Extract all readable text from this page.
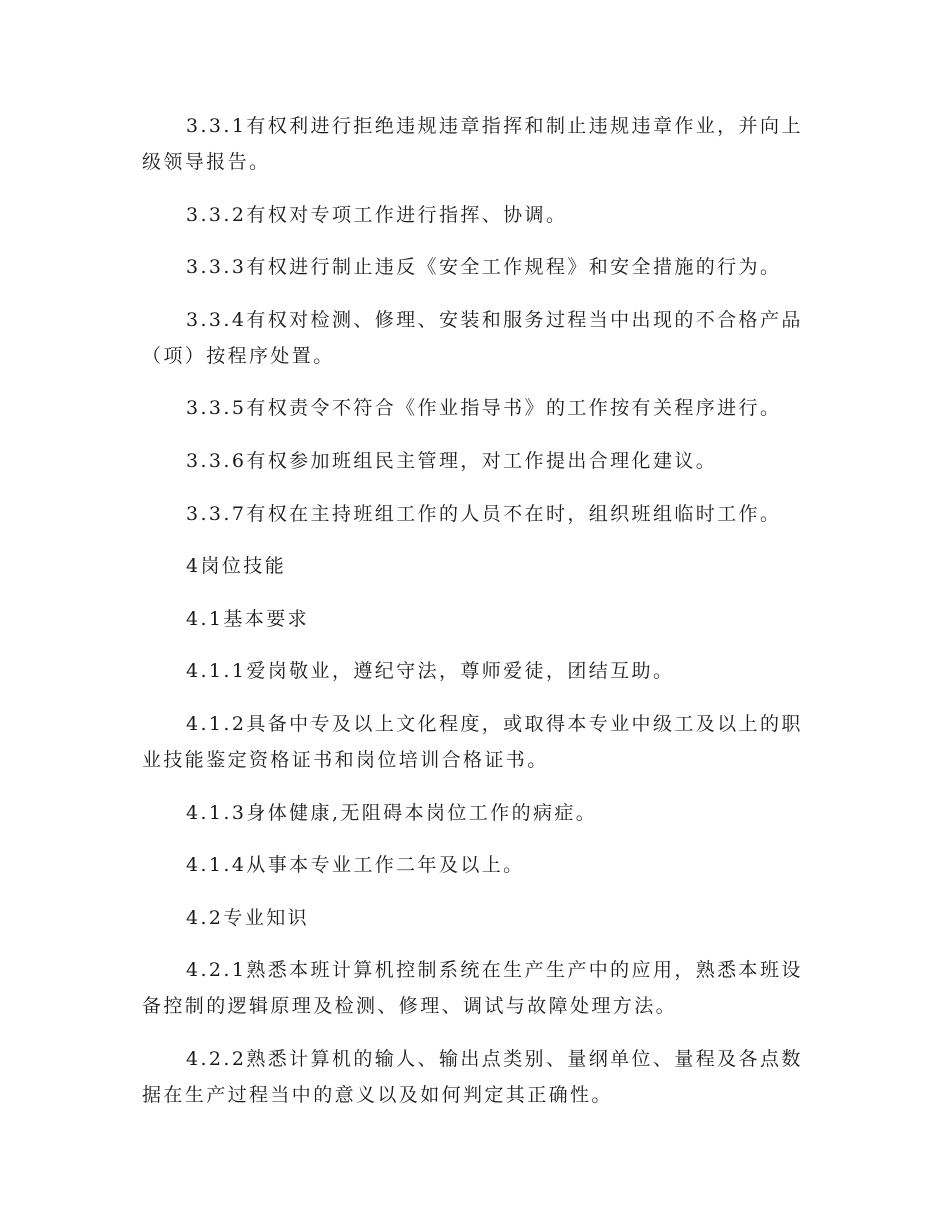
3.3.1有权利进行拒绝违规违章指挥和制止违规违章作业，并向上级领导报告。

3.3.2有权对专项工作进行指挥、协调。

3.3.3有权进行制止违反《安全工作规程》和安全措施的行为。

3.3.4有权对检测、修理、安装和服务过程当中出现的不合格产品（项）按程序处置。

3.3.5有权责令不符合《作业指导书》的工作按有关程序进行。

3.3.6有权参加班组民主管理，对工作提出合理化建议。

3.3.7有权在主持班组工作的人员不在时，组织班组临时工作。

4岗位技能

4.1基本要求

4.1.1爱岗敬业，遵纪守法，尊师爱徒，团结互助。

4.1.2具备中专及以上文化程度，或取得本专业中级工及以上的职业技能鉴定资格证书和岗位培训合格证书。

4.1.3身体健康,无阻碍本岗位工作的病症。

4.1.4从事本专业工作二年及以上。

4.2专业知识

4.2.1熟悉本班计算机控制系统在生产生产中的应用，熟悉本班设备控制的逻辑原理及检测、修理、调试与故障处理方法。

4.2.2熟悉计算机的输人、输出点类别、量纲单位、量程及各点数据在生产过程当中的意义以及如何判定其正确性。
